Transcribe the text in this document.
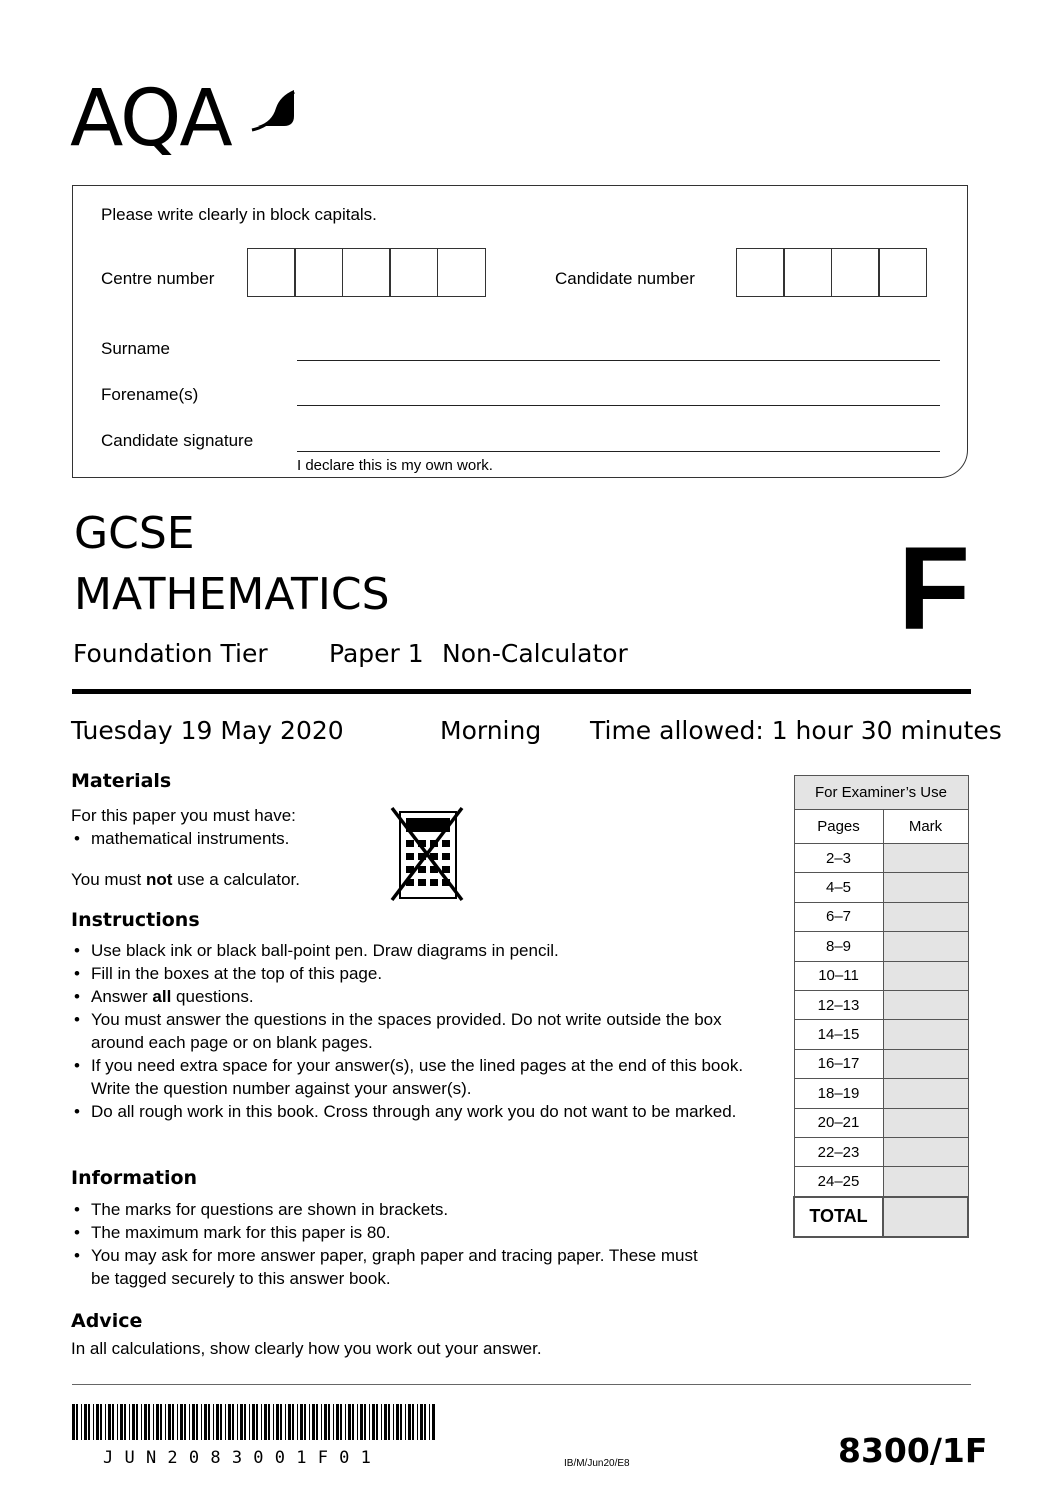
AQA
Please write clearly in block capitals.
Centre number	Candidate number
Surname
Forename(s)
Candidate signature
I declare this is my own work.
GCSE
MATHEMATICS
Foundation Tier Paper 1 Non-Calculator F
Tuesday 19 May 2020	Morning Time allowed: 1 hour 30 minutes
Materials
For this paper you must have:
• mathematical instruments.
You must not use a calculator.
Instructions
• Use black ink or black ball-point pen. Draw diagrams in pencil.
• Fill in the boxes at the top of this page.
• Answer all questions.
• You must answer the questions in the spaces provided. Do not write outside the box around each page or on blank pages.
• If you need extra space for your answer(s), use the lined pages at the end of this book. Write the question number against your answer(s).
• Do all rough work in this book. Cross through any work you do not want to be marked.
Information
• The marks for questions are shown in brackets.
• The maximum mark for this paper is 80.
• You may ask for more answer paper, graph paper and tracing paper. These must be tagged securely to this answer book.
Advice
In all calculations, show clearly how you work out your answer.
For Examiner’s Use	
Pages	Mark
2–3	
4–5	
6–7	
8–9	
10–11	
12–13	
14–15	
16–17	
18–19	
20–21	
22–23	
24–25	
TOTAL	
J U N 2 0 8 3 0 0 1 F 0 1	IB/M/Jun20/E8	8300/1F
